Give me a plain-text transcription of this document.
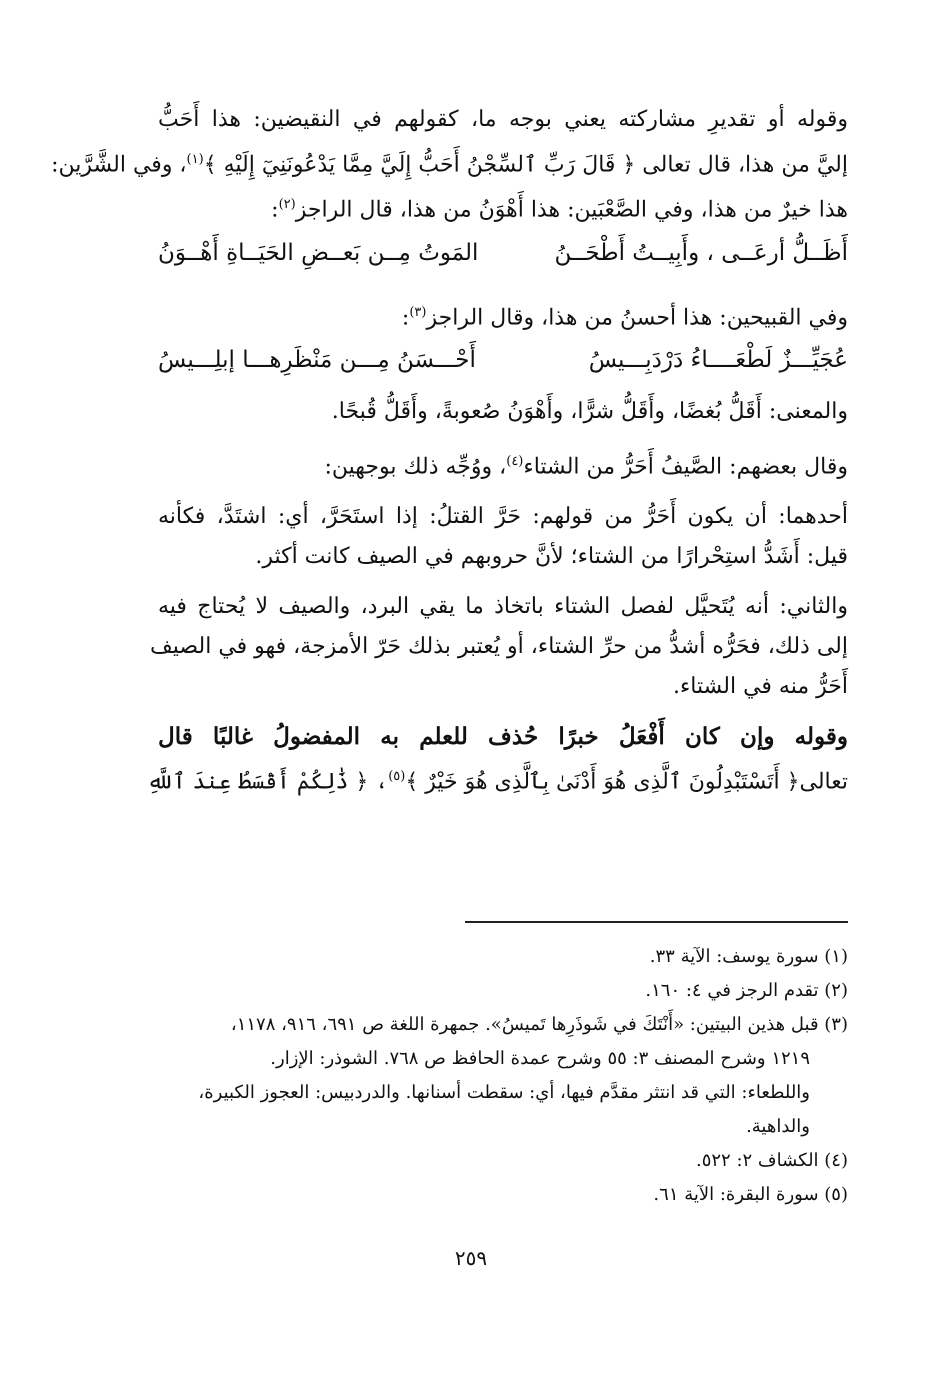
وقوله أو تقديرِ مشاركته يعني بوجه ما، كقولهم في النقيضين: هذا أَحَبُّ
إليَّ من هذا، قال تعالى ﴿ قَالَ رَبِّ ٱلسِّجْنُ أَحَبُّ إِلَيَّ مِمَّا يَدْعُونَنِيٓ إِلَيْهِ ﴾$^{(١)}$، وفي الشَّرَّين:
هذا خيرٌ من هذا، وفي الصَّعْبَين: هذا أَهْوَنُ من هذا، قال الراجز$^{(٢)}$:
أَظَــلُّ أرعَــى ، وأَبِيــتُ أَطْحَــنُ
المَوتُ مِــن بَعــضِ الحَيَــاةِ أَهْــوَنُ
وفي القبيحين: هذا أحسنُ من هذا، وقال الراجز$^{(٣)}$:
عُجَيِّـــزٌ لَطْعَــــاءُ دَرْدَبِـــيسُ
أَحْـــسَنُ مِـــن مَنْظَرِهـــا إبلِـــيسُ
والمعنى: أَقَلُّ بُغضًا، وأَقَلُّ شرًّا، وأَهْوَنُ صُعوبةً، وأَقَلُّ قُبحًا.
وقال بعضهم: الصَّيفُ أَحَرُّ من الشتاء$^{(٤)}$، ووُجِّه ذلك بوجهين:
أحدهما: أن يكون أَحَرُّ من قولهم: حَرَّ القتلُ: إذا استَحَرَّ، أي: اشتَدَّ، فكأنه
قيل: أَشَدُّ استِحْرارًا من الشتاء؛ لأنَّ حروبهم في الصيف كانت أكثر.
والثاني: أنه يُتَحيَّل لفصل الشتاء باتخاذ ما يقي البرد، والصيف لا يُحتاج فيه
إلى ذلك، فحَرُّه أشدُّ من حرِّ الشتاء، أو يُعتبر بذلك حَرّ الأمزجة، فهو في الصيف
أَحَرُّ منه في الشتاء.
وقوله وإن كان أَفْعَلُ خبرًا حُذف للعلم به المفضولُ غالبًا قال
تعالى﴿ أَتَسْتَبْدِلُونَ ٱلَّذِى هُوَ أَدْنَىٰ بِٱلَّذِى هُوَ خَيْرٌ ﴾$^{(٥)}$، ﴿ ذَٰلِكُمْ أَقْسَطُ عِندَ ٱللَّهِ
(١) سورة يوسف: الآية ٣٣.
(٢) تقدم الرجز في ٤: ١٦٠.
(٣) قبل هذين البيتين: «أَنْتَكَ في شَوذَرِها تَميسُ». جمهرة اللغة ص ٦٩١، ٩١٦، ١١٧٨،
١٢١٩ وشرح المصنف ٣: ٥٥ وشرح عمدة الحافظ ص ٧٦٨. الشوذر: الإزار.
واللطعاء: التي قد انتثر مقدَّم فيها، أي: سقطت أسنانها. والدردبيس: العجوز الكبيرة،
والداهية.
(٤) الكشاف ٢: ٥٢٢.
(٥) سورة البقرة: الآية ٦١.
٢٥٩
